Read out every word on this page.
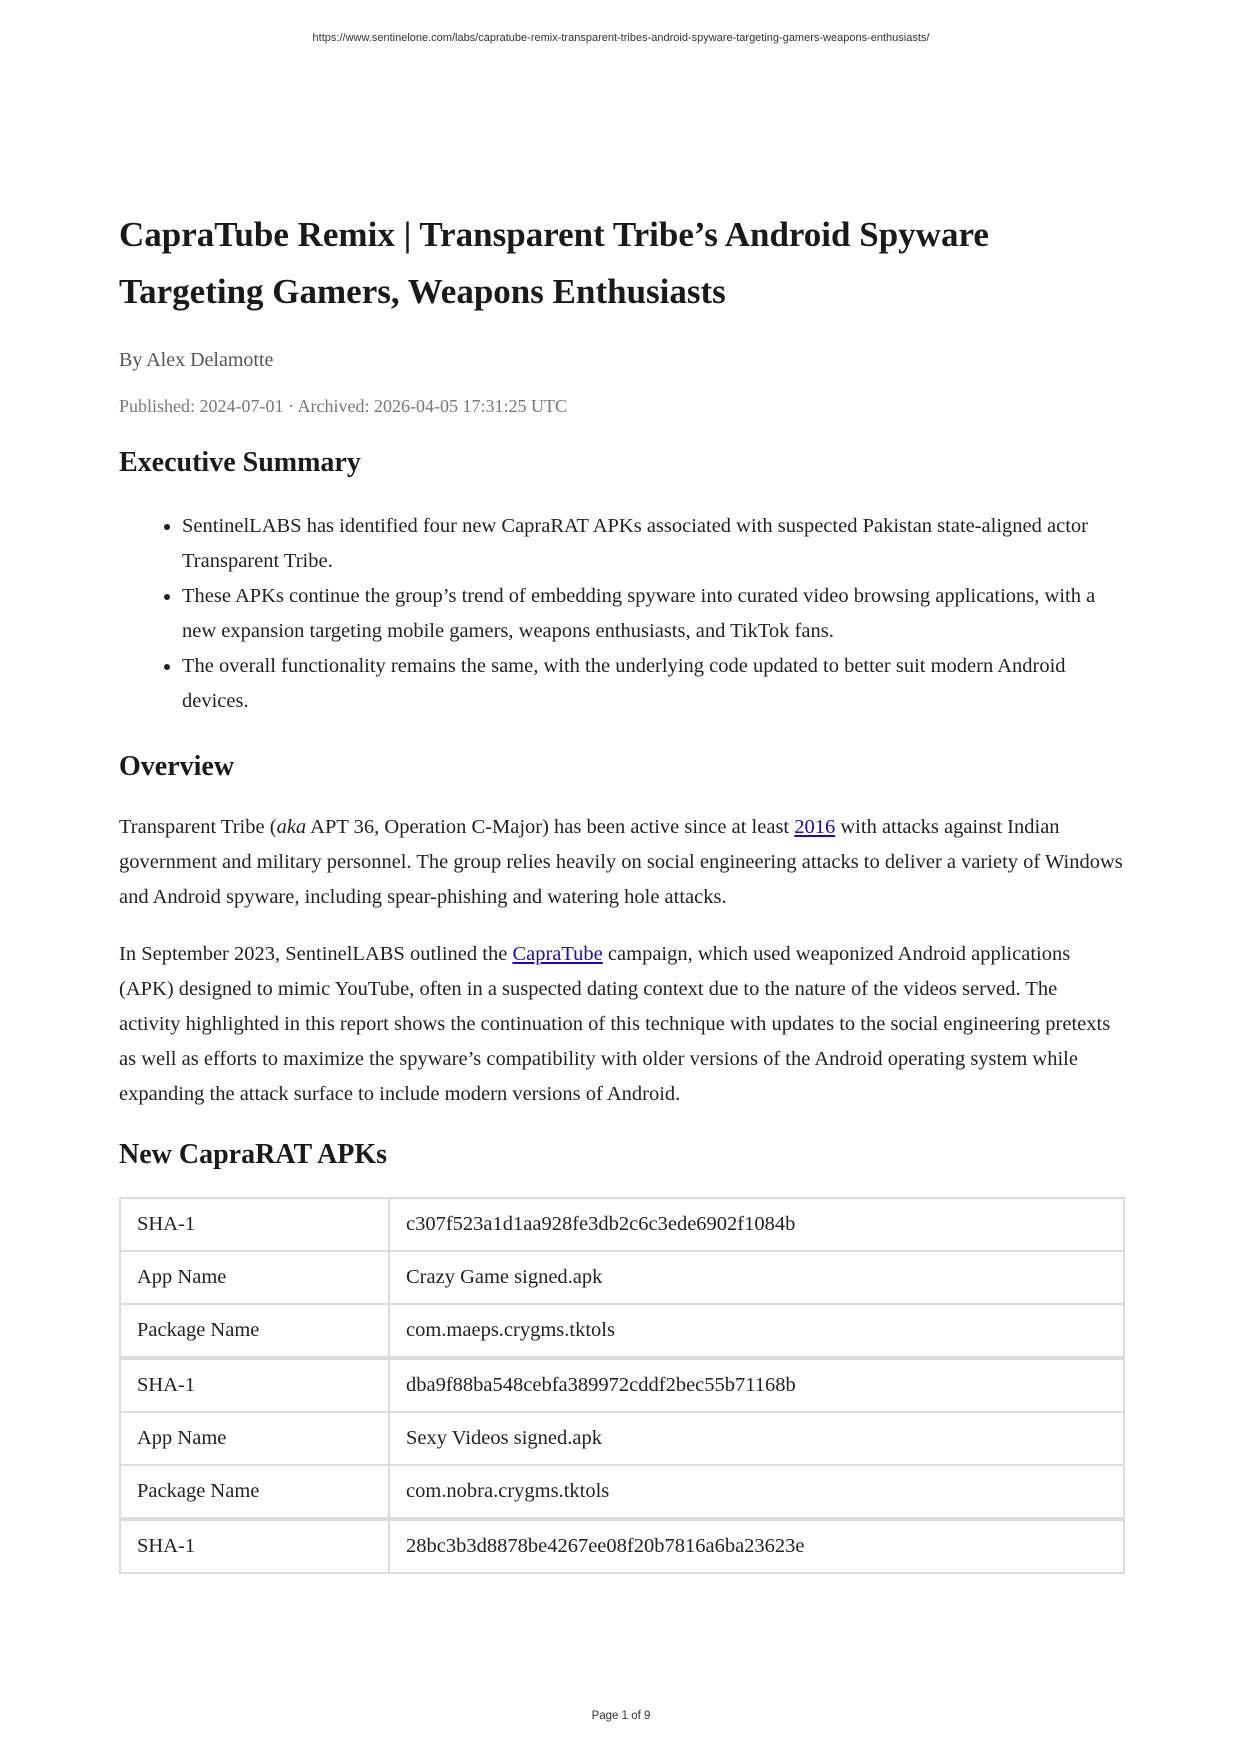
https://www.sentinelone.com/labs/capratube-remix-transparent-tribes-android-spyware-targeting-gamers-weapons-enthusiasts/
CapraTube Remix | Transparent Tribe’s Android Spyware Targeting Gamers, Weapons Enthusiasts
By Alex Delamotte
Published: 2024-07-01 · Archived: 2026-04-05 17:31:25 UTC
Executive Summary
• SentinelLABS has identified four new CapraRAT APKs associated with suspected Pakistan state-aligned actor Transparent Tribe.
• These APKs continue the group’s trend of embedding spyware into curated video browsing applications, with a new expansion targeting mobile gamers, weapons enthusiasts, and TikTok fans.
• The overall functionality remains the same, with the underlying code updated to better suit modern Android devices.
Overview

Transparent Tribe (aka APT 36, Operation C-Major) has been active since at least 2016 with attacks against Indian government and military personnel. The group relies heavily on social engineering attacks to deliver a variety of Windows and Android spyware, including spear-phishing and watering hole attacks.

In September 2023, SentinelLABS outlined the CapraTube campaign, which used weaponized Android applications (APK) designed to mimic YouTube, often in a suspected dating context due to the nature of the videos served. The activity highlighted in this report shows the continuation of this technique with updates to the social engineering pretexts as well as efforts to maximize the spyware’s compatibility with older versions of the Android operating system while expanding the attack surface to include modern versions of Android.

New CapraRAT APKs
SHA-1	c307f523a1d1aa928fe3db2c6c3ede6902f1084b
App Name	Crazy Game signed.apk
Package Name	com.maeps.crygms.tktols
SHA-1	dba9f88ba548cebfa389972cddf2bec55b71168b
App Name	Sexy Videos signed.apk
Package Name	com.nobra.crygms.tktols
SHA-1	28bc3b3d8878be4267ee08f20b7816a6ba23623e
Page 1 of 9
